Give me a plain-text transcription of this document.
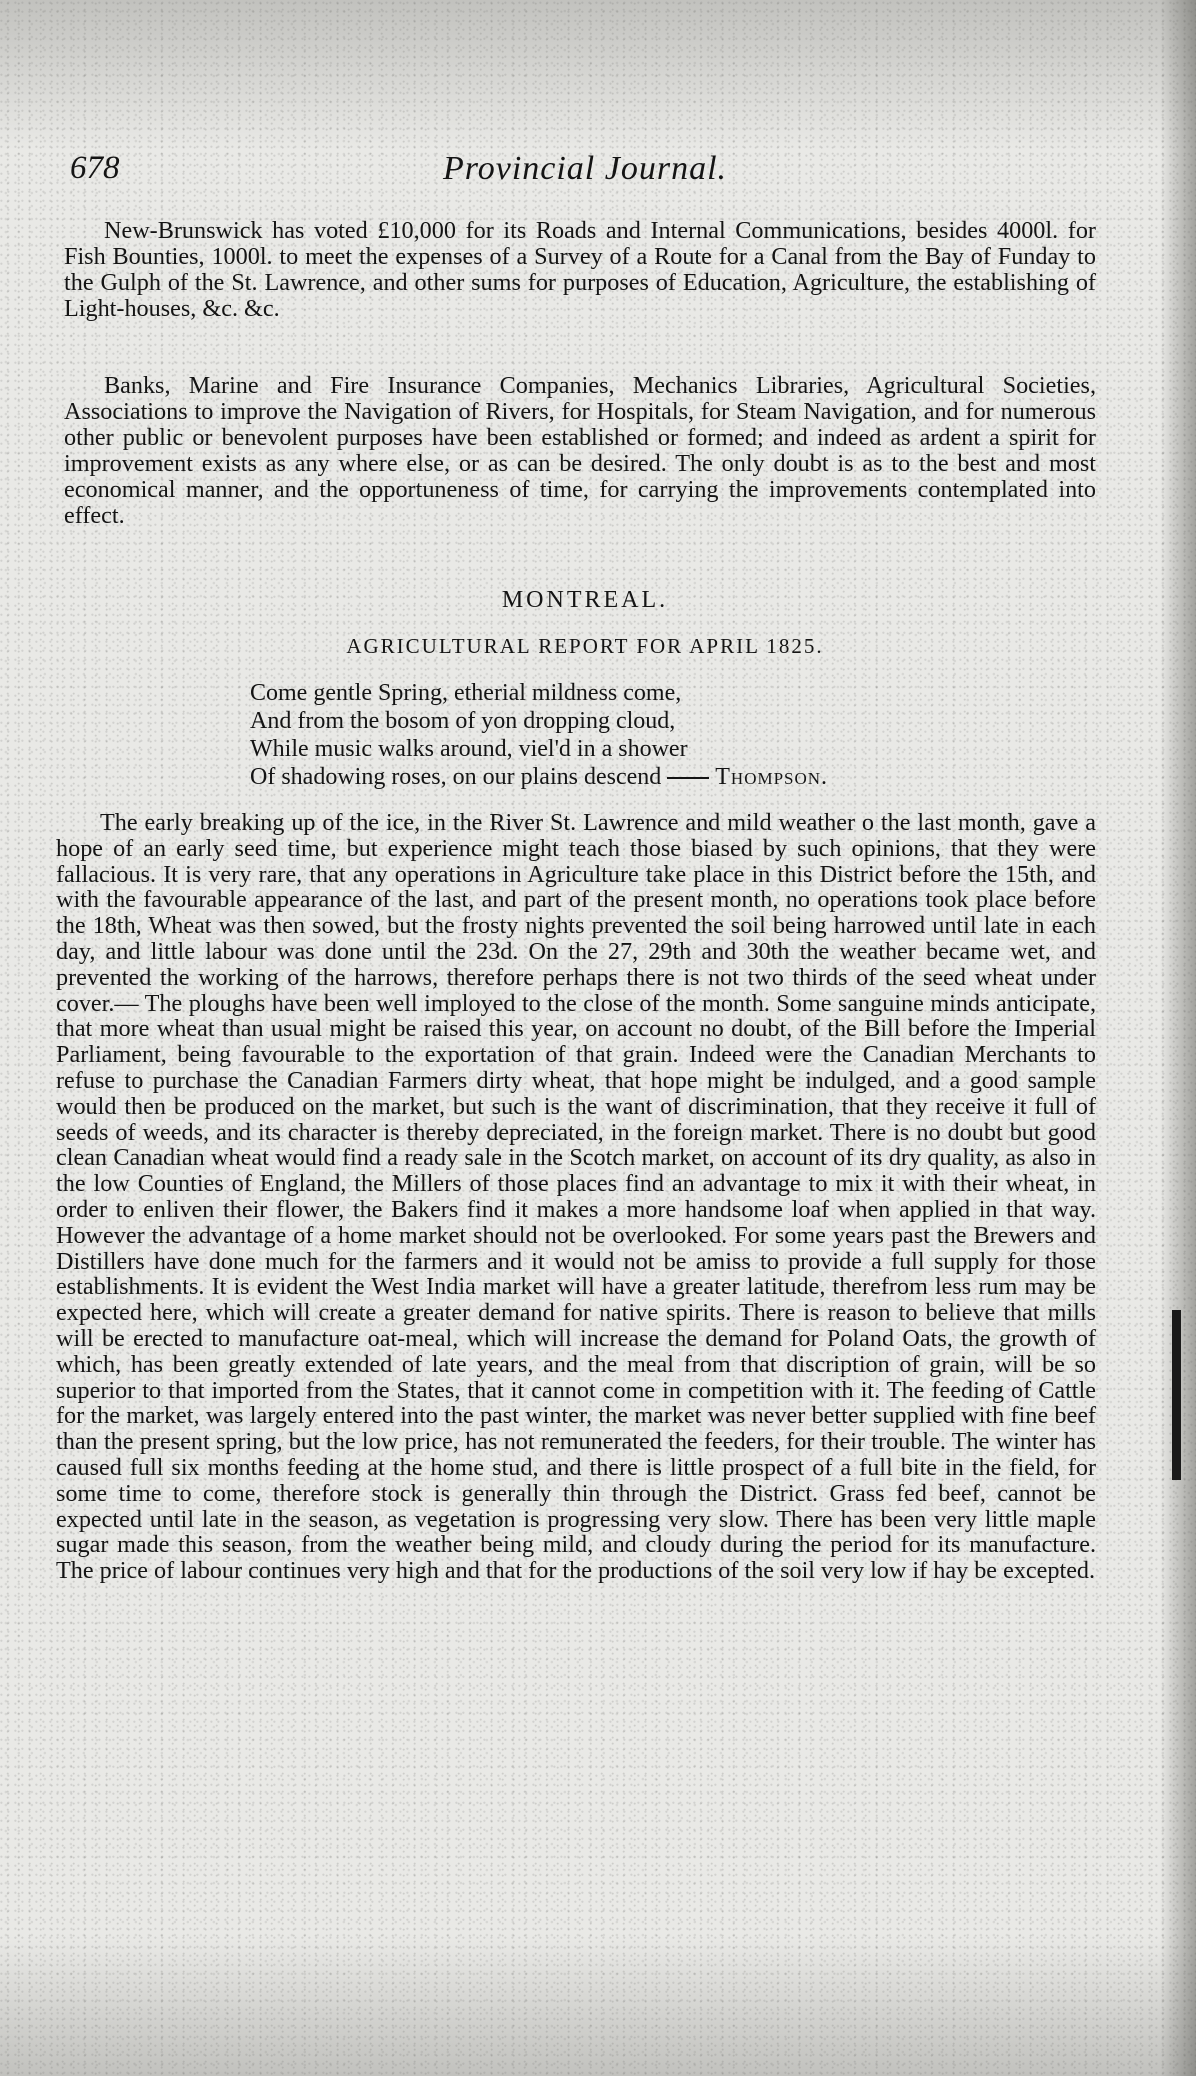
678	Provincial Journal.

New-Brunswick has voted £10,000 for its Roads and Internal Communications, besides 4000l. for Fish Bounties, 1000l. to meet the expenses of a Survey of a Route for a Canal from the Bay of Funday to the Gulph of the St. Lawrence, and other sums for purposes of Education, Agriculture, the establishing of Light-houses, &c. &c.

Banks, Marine and Fire Insurance Companies, Mechanics Libraries, Agricultural Societies, Associations to improve the Navigation of Rivers, for Hospitals, for Steam Navigation, and for numerous other public or benevolent purposes have been established or formed; and indeed as ardent a spirit for improvement exists as any where else, or as can be desired. The only doubt is as to the best and most economical manner, and the opportuneness of time, for carrying the improvements contemplated into effect.

MONTREAL.
AGRICULTURAL REPORT FOR APRIL 1825.
Come gentle Spring, etherial mildness come,
And from the bosom of yon dropping cloud,
While music walks around, viel'd in a shower
Of shadowing roses, on our plains descend Thompson.

The early breaking up of the ice, in the River St. Lawrence and mild weather o the last month, gave a hope of an early seed time, but experience might teach those biased by such opinions, that they were fallacious. It is very rare, that any operations in Agriculture take place in this District before the 15th, and with the favourable appearance of the last, and part of the present month, no operations took place before the 18th, Wheat was then sowed, but the frosty nights prevented the soil being harrowed until late in each day, and little labour was done until the 23d. On the 27, 29th and 30th the weather became wet, and prevented the working of the harrows, therefore perhaps there is not two thirds of the seed wheat under cover.— The ploughs have been well imployed to the close of the month. Some sanguine minds anticipate, that more wheat than usual might be raised this year, on account no doubt, of the Bill before the Imperial Parliament, being favourable to the exportation of that grain. Indeed were the Canadian Merchants to refuse to purchase the Canadian Farmers dirty wheat, that hope might be indulged, and a good sample would then be produced on the market, but such is the want of discrimination, that they receive it full of seeds of weeds, and its character is thereby depreciated, in the foreign market. There is no doubt but good clean Canadian wheat would find a ready sale in the Scotch market, on account of its dry quality, as also in the low Counties of England, the Millers of those places find an advantage to mix it with their wheat, in order to enliven their flower, the Bakers find it makes a more handsome loaf when applied in that way. However the advantage of a home market should not be overlooked. For some years past the Brewers and Distillers have done much for the farmers and it would not be amiss to provide a full supply for those establishments. It is evident the West India market will have a greater latitude, therefrom less rum may be expected here, which will create a greater demand for native spirits. There is reason to believe that mills will be erected to manufacture oat-meal, which will increase the demand for Poland Oats, the growth of which, has been greatly extended of late years, and the meal from that discription of grain, will be so superior to that imported from the States, that it cannot come in competition with it. The feeding of Cattle for the market, was largely entered into the past winter, the market was never better supplied with fine beef than the present spring, but the low price, has not remunerated the feeders, for their trouble. The winter has caused full six months feeding at the home stud, and there is little prospect of a full bite in the field, for some time to come, therefore stock is generally thin through the District. Grass fed beef, cannot be expected until late in the season, as vegetation is progressing very slow. There has been very little maple sugar made this season, from the weather being mild, and cloudy during the period for its manufacture. The price of labour continues very high and that for the productions of the soil very low if hay be excepted.
